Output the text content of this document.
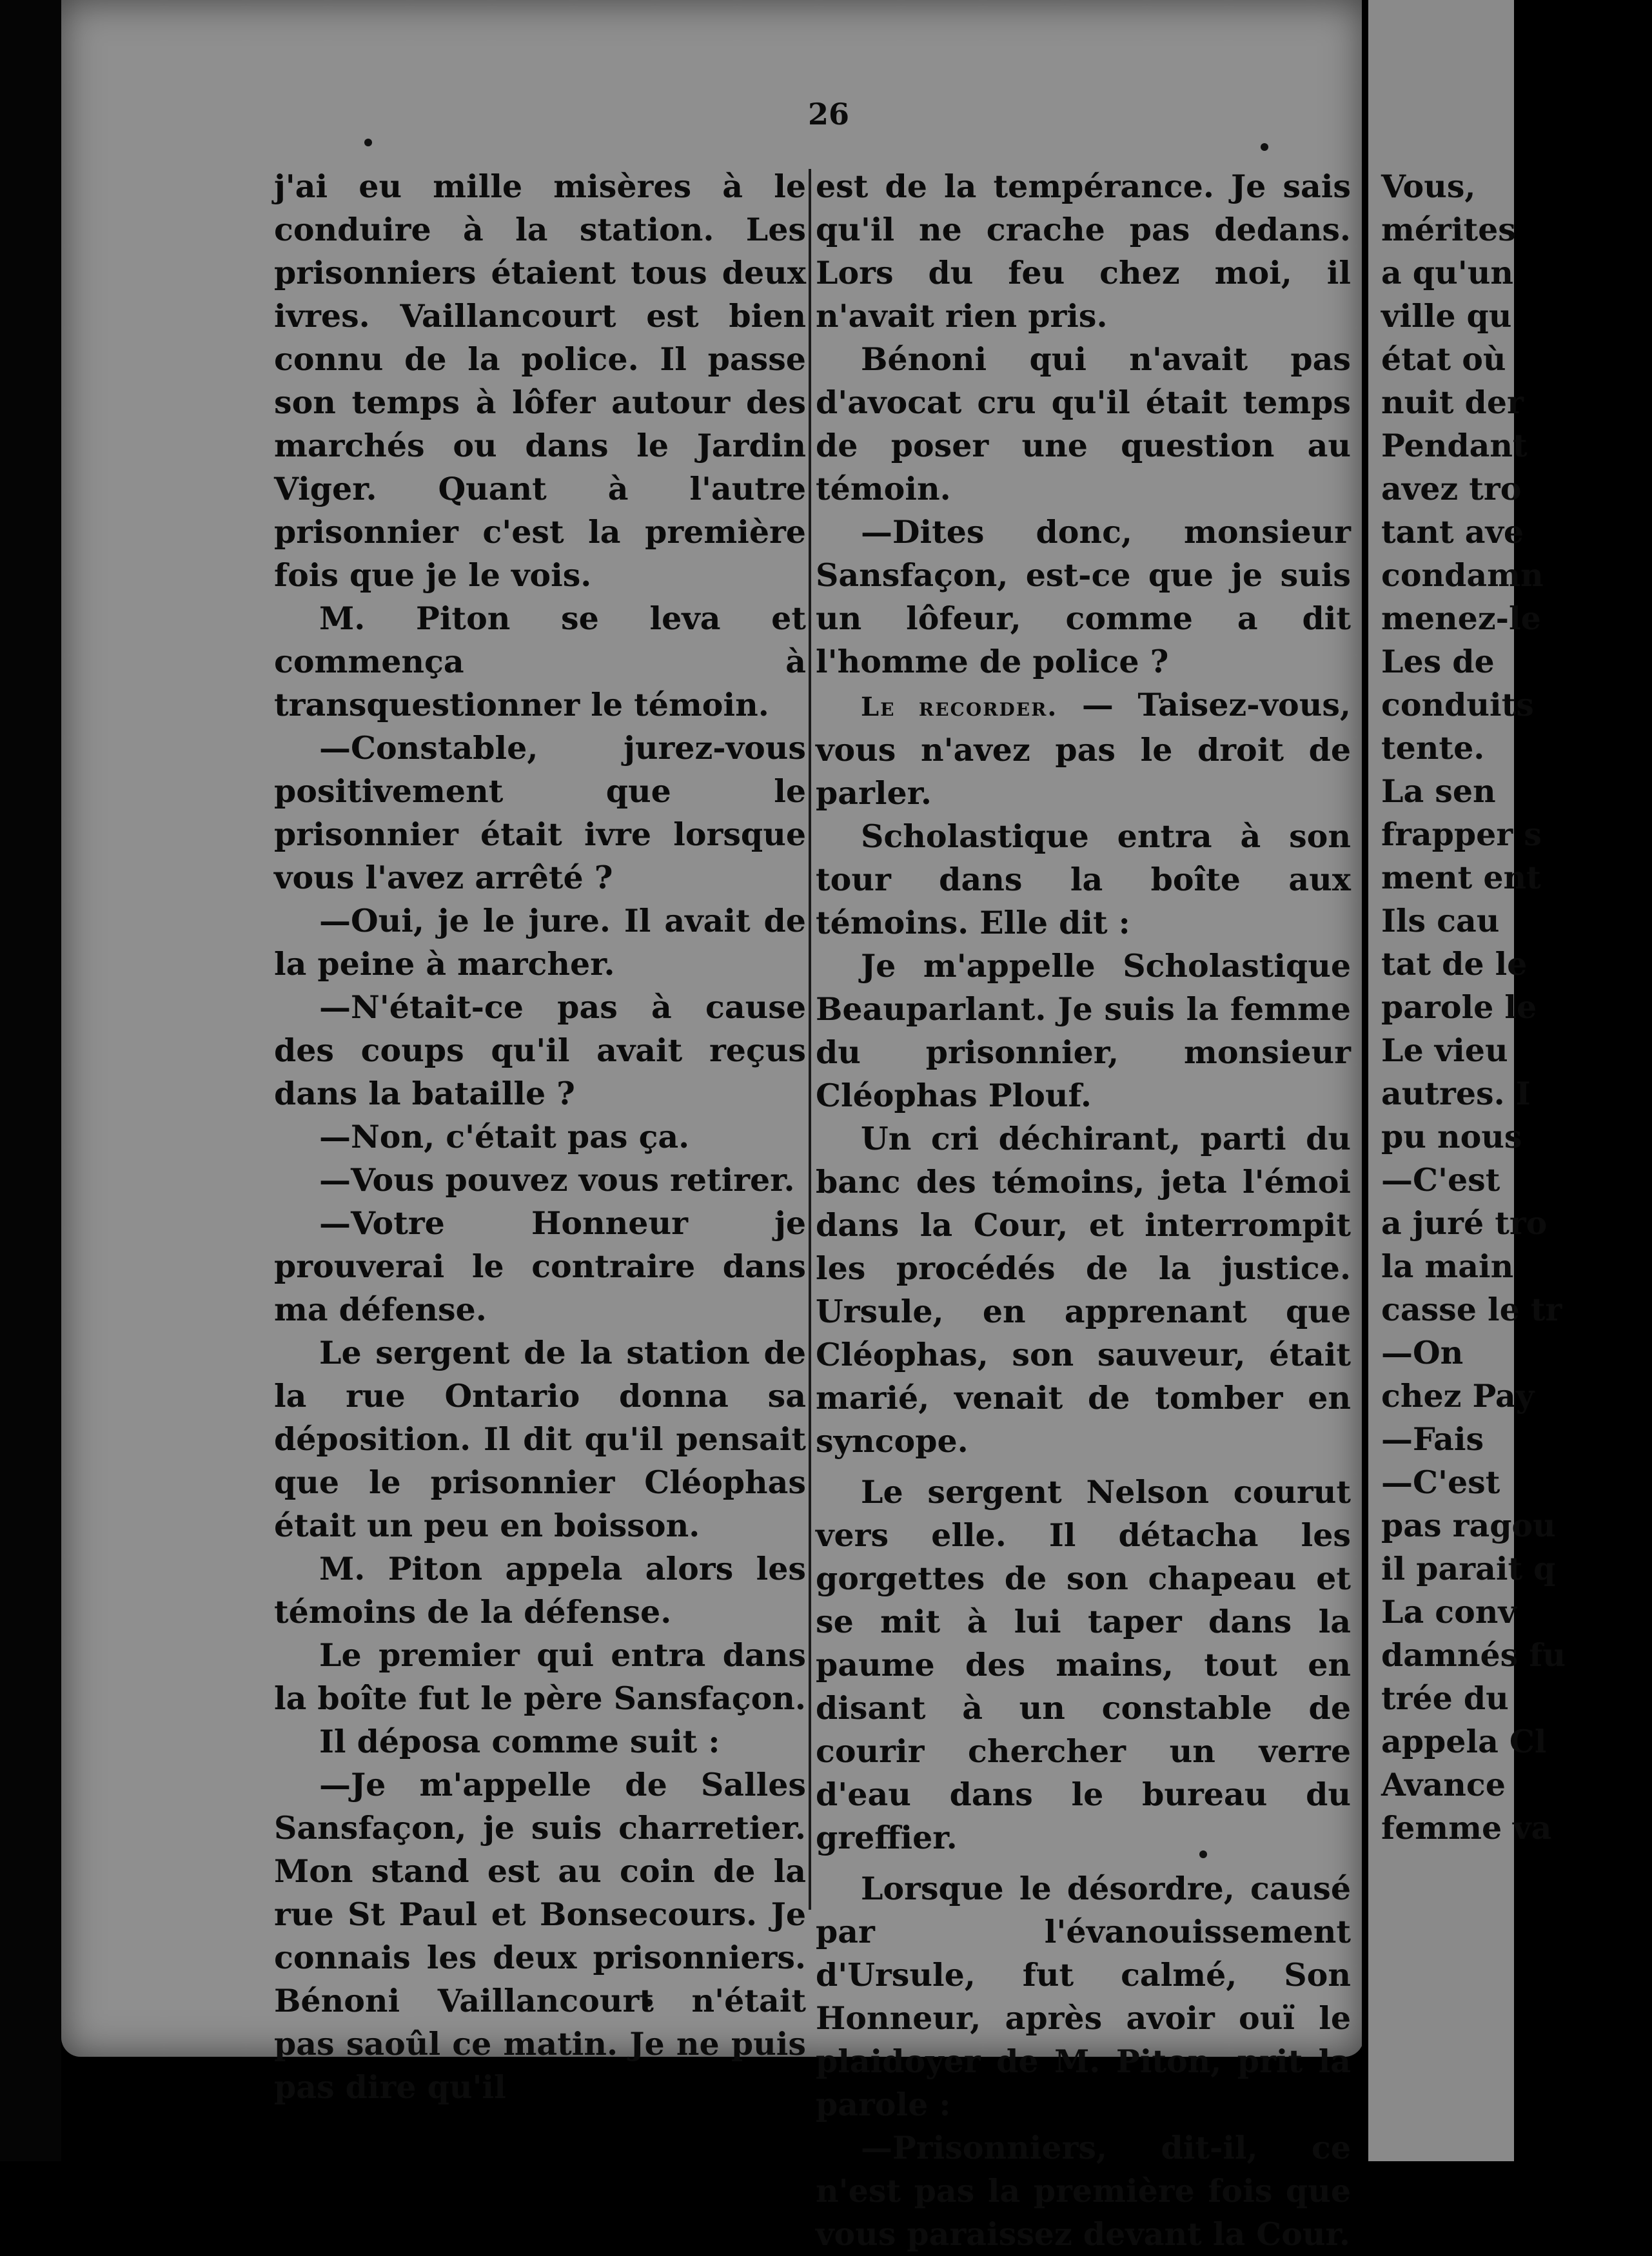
26

j'ai eu mille misères à le conduire à la station. Les prisonniers étaient tous deux ivres. Vaillancourt est bien connu de la police. Il passe son temps à lôfer autour des marchés ou dans le Jardin Viger. Quant à l'autre prisonnier c'est la première fois que je le vois.

M. Piton se leva et commença à transquestionner le témoin.

—Constable, jurez-vous positivement que le prisonnier était ivre lorsque vous l'avez arrêté ?

—Oui, je le jure. Il avait de la peine à marcher.

—N'était-ce pas à cause des coups qu'il avait reçus dans la bataille ?

—Non, c'était pas ça.

—Vous pouvez vous retirer.

—Votre Honneur je prouverai le contraire dans ma défense.

Le sergent de la station de la rue Ontario donna sa déposition. Il dit qu'il pensait que le prisonnier Cléophas était un peu en boisson.

M. Piton appela alors les témoins de la défense.

Le premier qui entra dans la boîte fut le père Sansfaçon.

Il déposa comme suit :

—Je m'appelle de Salles Sansfaçon, je suis charretier. Mon stand est au coin de la rue St Paul et Bonsecours. Je connais les deux prisonniers. Bénoni Vaillancourt n'était pas saoûl ce matin. Je ne puis pas dire qu'il

est de la tempérance. Je sais qu'il ne crache pas dedans. Lors du feu chez moi, il n'avait rien pris.

Bénoni qui n'avait pas d'avocat cru qu'il était temps de poser une question au témoin.

—Dites donc, monsieur Sansfaçon, est-ce que je suis un lôfeur, comme a dit l'homme de police ?

Le recorder. — Taisez-vous, vous n'avez pas le droit de parler.

Scholastique entra à son tour dans la boîte aux témoins. Elle dit :

Je m'appelle Scholastique Beauparlant. Je suis la femme du prisonnier, monsieur Cléophas Plouf.

Un cri déchirant, parti du banc des témoins, jeta l'émoi dans la Cour, et interrompit les procédés de la justice. Ursule, en apprenant que Cléophas, son sauveur, était marié, venait de tomber en syncope.

Le sergent Nelson courut vers elle. Il détacha les gorgettes de son chapeau et se mit à lui taper dans la paume des mains, tout en disant à un constable de courir chercher un verre d'eau dans le bureau du greffier.

Lorsque le désordre, causé par l'évanouissement d'Ursule, fut calmé, Son Honneur, après avoir ouï le plaidoyer de M. Piton, prit la parole :

—Prisonniers, dit-il, ce n'est pas la première fois que vous paraissez devant la Cour.

Vous,
mérites
a qu'un
ville qu
état où
nuit der
Pendant
avez tro
tant ave
condamn
menez-le
Les de
conduits
tente.
La sen
frapper s
ment ent
Ils cau
tat de le
parole le
Le vieu
autres. I
pu nous
—C'est
a juré tro
la main
casse le tr
—On
chez Pay
—Fais
—C'est
pas ragou
il parait q
La conv
damnés fu
trée du
appela Cl
Avance
femme va
